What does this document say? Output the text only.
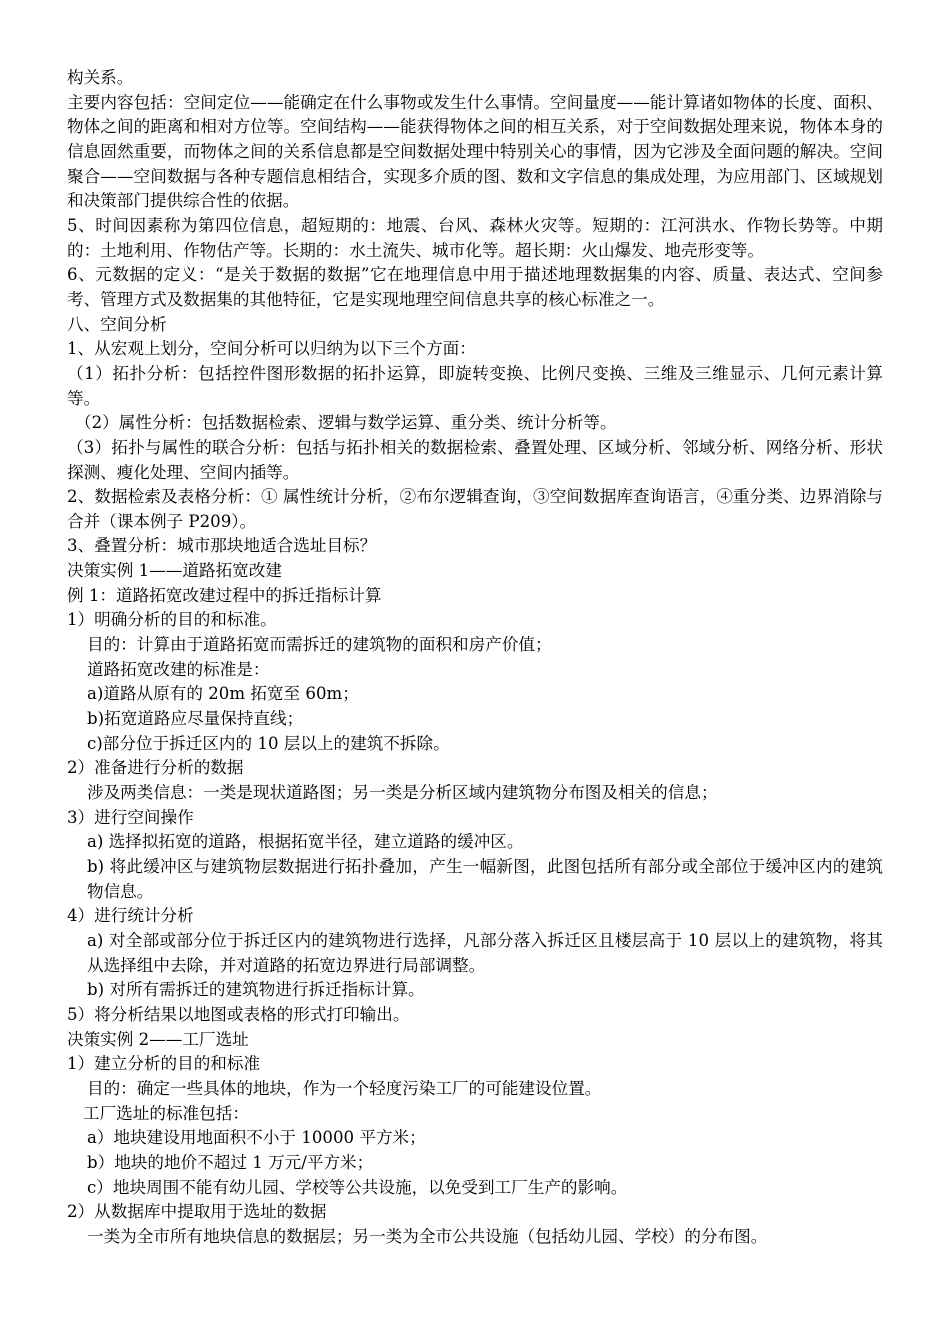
构关系。

主要内容包括：空间定位——能确定在什么事物或发生什么事情。空间量度——能计算诸如物体的长度、面积、物体之间的距离和相对方位等。空间结构——能获得物体之间的相互关系，对于空间数据处理来说，物体本身的信息固然重要，而物体之间的关系信息都是空间数据处理中特别关心的事情，因为它涉及全面问题的解决。空间聚合——空间数据与各种专题信息相结合，实现多介质的图、数和文字信息的集成处理，为应用部门、区域规划和决策部门提供综合性的依据。

5、时间因素称为第四位信息，超短期的：地震、台风、森林火灾等。短期的：江河洪水、作物长势等。中期的：土地利用、作物估产等。长期的：水土流失、城市化等。超长期：火山爆发、地壳形变等。

6、元数据的定义：“是关于数据的数据”它在地理信息中用于描述地理数据集的内容、质量、表达式、空间参考、管理方式及数据集的其他特征，它是实现地理空间信息共享的核心标准之一。

八、空间分析

1、从宏观上划分，空间分析可以归纳为以下三个方面：

（1）拓扑分析：包括控件图形数据的拓扑运算，即旋转变换、比例尺变换、三维及三维显示、几何元素计算等。

（2）属性分析：包括数据检索、逻辑与数学运算、重分类、统计分析等。

（3）拓扑与属性的联合分析：包括与拓扑相关的数据检索、叠置处理、区域分析、邻域分析、网络分析、形状探测、瘦化处理、空间内插等。

2、数据检索及表格分析：① 属性统计分析，②布尔逻辑查询，③空间数据库查询语言，④重分类、边界消除与合并（课本例子 P209）。

3、叠置分析：城市那块地适合选址目标？

决策实例 1——道路拓宽改建

例 1：道路拓宽改建过程中的拆迁指标计算

1）明确分析的目的和标准。

目的：计算由于道路拓宽而需拆迁的建筑物的面积和房产价值；

道路拓宽改建的标准是：

a)道路从原有的 20m 拓宽至 60m；

b)拓宽道路应尽量保持直线；

c)部分位于拆迁区内的 10 层以上的建筑不拆除。

2）准备进行分析的数据

涉及两类信息：一类是现状道路图；另一类是分析区域内建筑物分布图及相关的信息；

3）进行空间操作

a) 选择拟拓宽的道路，根据拓宽半径，建立道路的缓冲区。

b) 将此缓冲区与建筑物层数据进行拓扑叠加，产生一幅新图，此图包括所有部分或全部位于缓冲区内的建筑物信息。

4）进行统计分析

a) 对全部或部分位于拆迁区内的建筑物进行选择，凡部分落入拆迁区且楼层高于 10 层以上的建筑物，将其从选择组中去除，并对道路的拓宽边界进行局部调整。

b) 对所有需拆迁的建筑物进行拆迁指标计算。

5）将分析结果以地图或表格的形式打印输出。

决策实例 2——工厂选址

1）建立分析的目的和标准

目的：确定一些具体的地块，作为一个轻度污染工厂的可能建设位置。

工厂选址的标准包括：

a）地块建设用地面积不小于 10000 平方米；

b）地块的地价不超过 1 万元/平方米；

c）地块周围不能有幼儿园、学校等公共设施，以免受到工厂生产的影响。

2）从数据库中提取用于选址的数据

一类为全市所有地块信息的数据层；另一类为全市公共设施（包括幼儿园、学校）的分布图。
